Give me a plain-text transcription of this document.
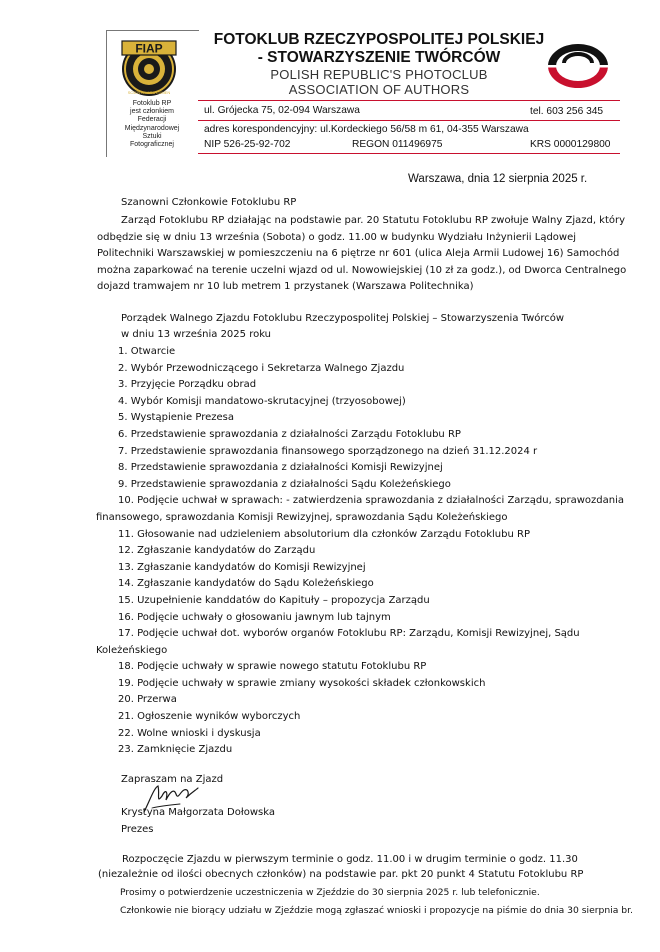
FIAP
SCIENTIA ARS LUMEN
Fotoklub RP
jest członkiem
Federacji
Międzynarodowej
Sztuki
Fotograficznej
FOTOKLUB RZECZYPOSPOLITEJ POLSKIEJ
- STOWARZYSZENIE TWÓRCÓW
POLISH REPUBLIC'S PHOTOCLUB
ASSOCIATION OF AUTHORS
ul. Grójecka 75, 02-094 Warszawa	tel. 603 256 345
adres korespondencyjny: ul.Kordeckiego 56/58 m 61, 04-355 Warszawa
NIP 526-25-92-702	REGON 011496975	KRS 0000129800
Warszawa, dnia 12 sierpnia 2025 r.
Szanowni Członkowie Fotoklubu RP
Zarząd Fotoklubu RP działając na podstawie par. 20 Statutu Fotoklubu RP zwołuje Walny Zjazd, który odbędzie się w dniu 13 września (Sobota) o godz. 11.00 w budynku Wydziału Inżynierii Lądowej Politechniki Warszawskiej w pomieszczeniu na 6 piętrze nr 601 (ulica Aleja Armii Ludowej 16) Samochód można zaparkować na terenie uczelni wjazd od ul. Nowowiejskiej (10 zł za godz.), od Dworca Centralnego dojazd tramwajem nr 10 lub metrem 1 przystanek (Warszawa Politechnika)
Porządek Walnego Zjazdu Fotoklubu Rzeczypospolitej Polskiej – Stowarzyszenia Twórców
w dniu 13 września 2025 roku
1. Otwarcie
2. Wybór Przewodniczącego i Sekretarza Walnego Zjazdu
3. Przyjęcie Porządku obrad
4. Wybór Komisji mandatowo-skrutacyjnej (trzyosobowej)
5. Wystąpienie Prezesa
6. Przedstawienie sprawozdania z działalności Zarządu Fotoklubu RP
7. Przedstawienie sprawozdania finansowego sporządzonego na dzień 31.12.2024 r
8. Przedstawienie sprawozdania z działalności Komisji Rewizyjnej
9. Przedstawienie sprawozdania z działalności Sądu Koleżeńskiego
10. Podjęcie uchwał w sprawach: - zatwierdzenia sprawozdania z działalności Zarządu, sprawozdania finansowego, sprawozdania Komisji Rewizyjnej, sprawozdania Sądu Koleżeńskiego
11. Głosowanie nad udzieleniem absolutorium dla członków Zarządu Fotoklubu RP
12. Zgłaszanie kandydatów do Zarządu
13. Zgłaszanie kandydatów do Komisji Rewizyjnej
14. Zgłaszanie kandydatów do Sądu Koleżeńskiego
15. Uzupełnienie kanddatów do Kapituły – propozycja Zarządu
16. Podjęcie uchwały o głosowaniu jawnym lub tajnym
17. Podjęcie uchwał dot. wyborów organów Fotoklubu RP: Zarządu, Komisji Rewizyjnej, Sądu Koleżeńskiego
18. Podjęcie uchwały w sprawie nowego statutu Fotoklubu RP
19. Podjęcie uchwały w sprawie zmiany wysokości składek członkowskich
20. Przerwa
21. Ogłoszenie wyników wyborczych
22. Wolne wnioski i dyskusja
23. Zamknięcie Zjazdu
Zapraszam na Zjazd
Krystyna Małgorzata Dołowska
Prezes
Rozpoczęcie Zjazdu w pierwszym terminie o godz. 11.00 i w drugim terminie o godz. 11.30 (niezależnie od ilości obecnych członków) na podstawie par. pkt 20 punkt 4 Statutu Fotoklubu RP
Prosimy o potwierdzenie uczestniczenia w Zjeździe do 30 sierpnia 2025 r. lub telefonicznie.
Członkowie nie biorący udziału w Zjeździe mogą zgłaszać wnioski i propozycje na piśmie do dnia 30 sierpnia br.
